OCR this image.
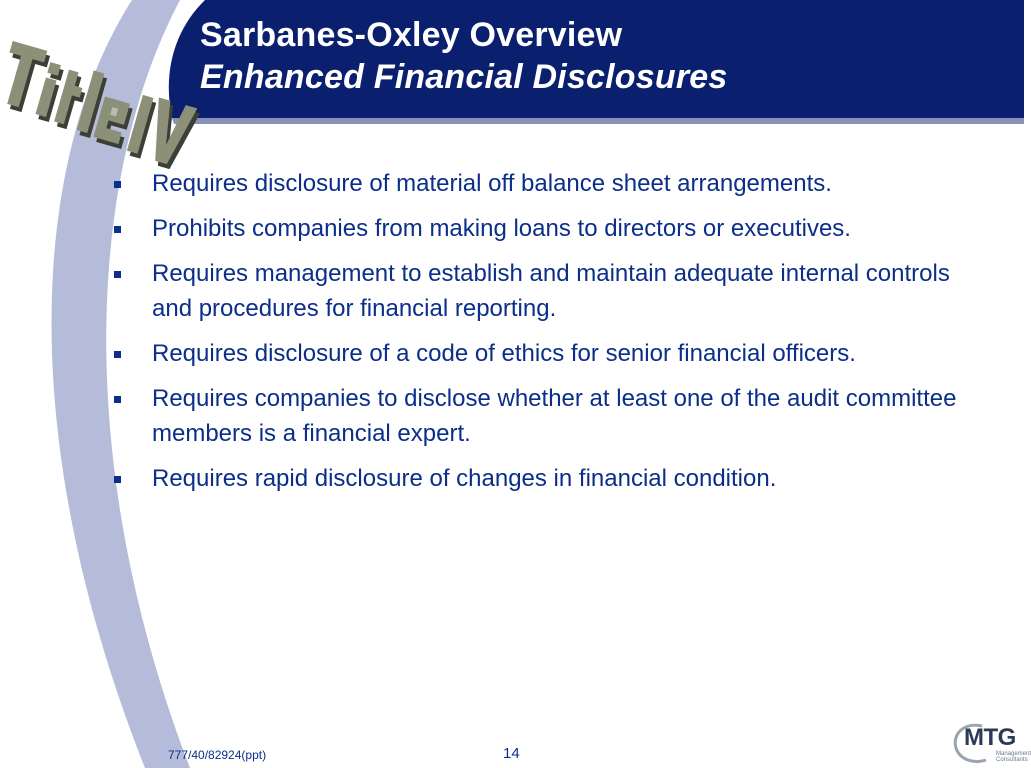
Sarbanes-Oxley Overview
Enhanced Financial Disclosures
Requires disclosure of material off balance sheet arrangements.
Prohibits companies from making loans to directors or executives.
Requires management to establish and maintain adequate internal controls and procedures for financial reporting.
Requires disclosure of a code of ethics for senior financial officers.
Requires companies to disclose whether at least one of the audit committee members is a financial expert.
Requires rapid disclosure of changes in financial condition.
777/40/82924(ppt)	14
MTG
Management Consultants
